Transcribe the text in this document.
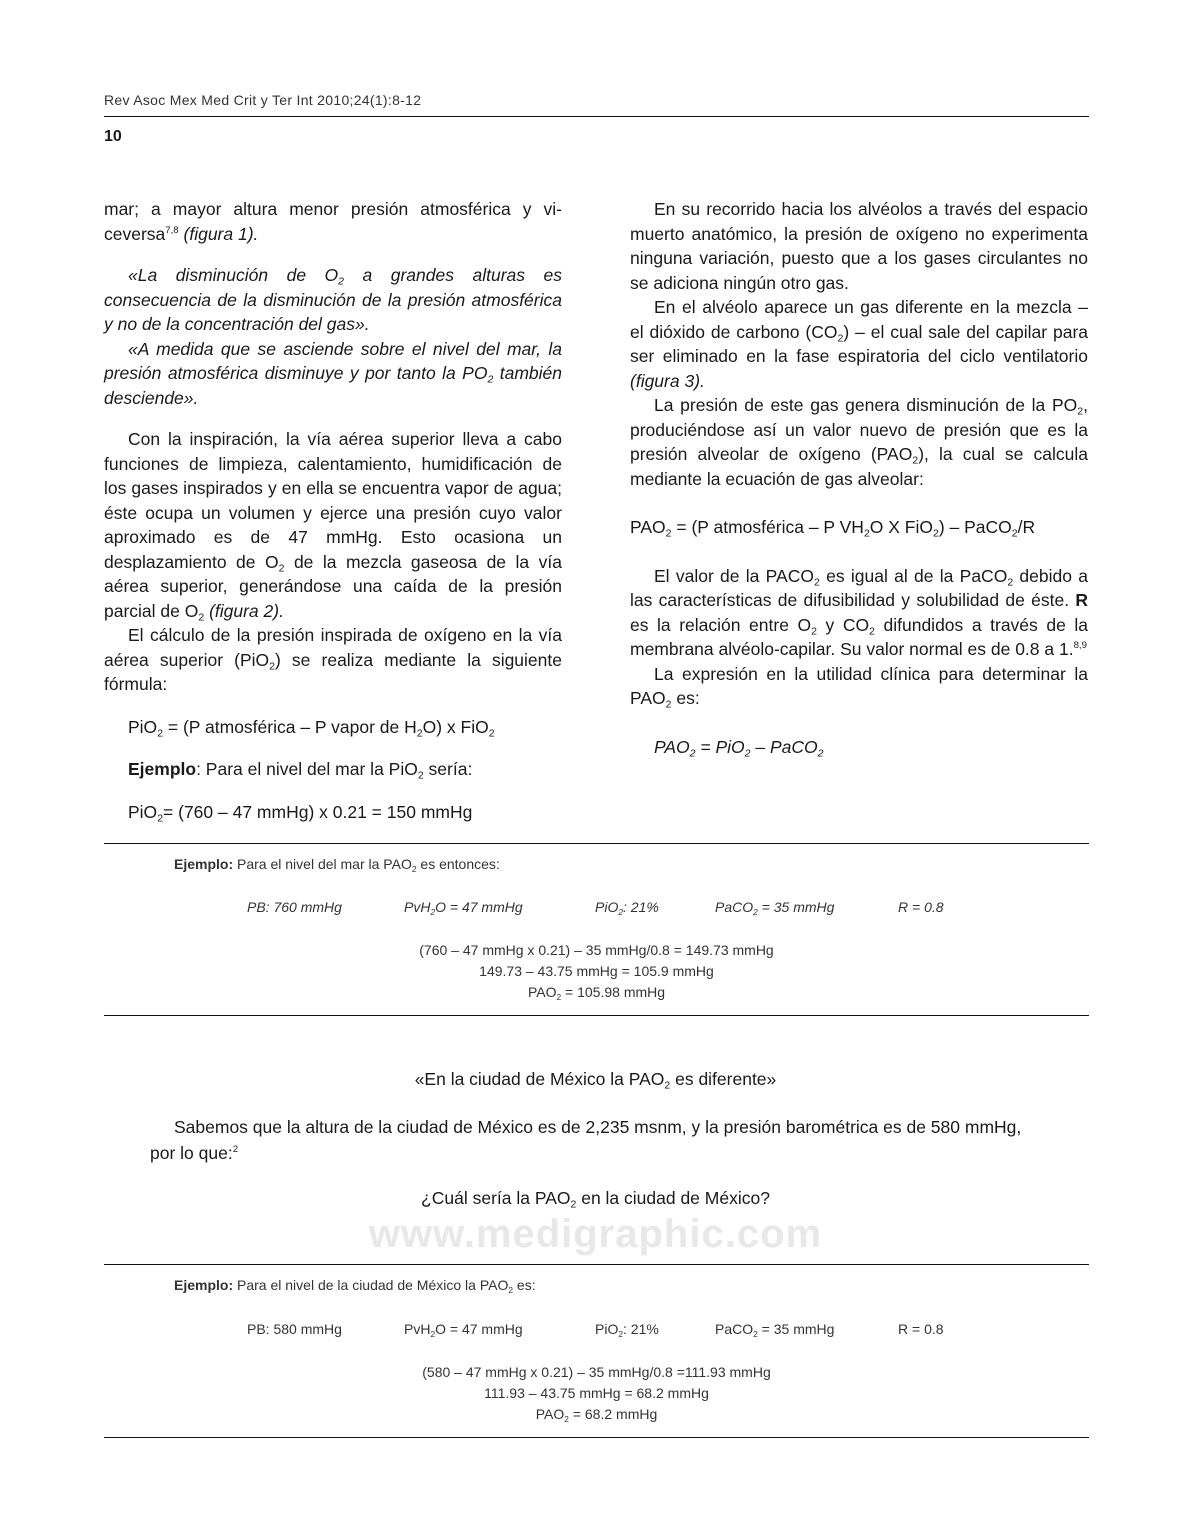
Rev Asoc Mex Med Crit y Ter Int 2010;24(1):8-12
10

mar; a mayor altura menor presión atmosférica y vi- ceversa$^{7,8}$ (figura 1).

«La disminución de $O_2$ a grandes alturas es consecuencia de la disminución de la presión atmosférica y no de la concentración del gas».

«A medida que se asciende sobre el nivel del mar, la presión atmosférica disminuye y por tanto la $PO_2$ también desciende».

Con la inspiración, la vía aérea superior lleva a cabo funciones de limpieza, calentamiento, humidificación de los gases inspirados y en ella se encuentra vapor de agua; éste ocupa un volumen y ejerce una presión cuyo valor aproximado es de 47 mmHg. Esto ocasiona un desplazamiento de $O_2$ de la mezcla gaseosa de la vía aérea superior, generándose una caída de la presión parcial de $O_2$ (figura 2).

El cálculo de la presión inspirada de oxígeno en la vía aérea superior (PiO$_2$) se realiza mediante la siguiente fórmula:

PiO$_2$ = (P atmosférica – P vapor de $H_2O$) x FiO$_2$

Ejemplo: Para el nivel del mar la PiO$_2$ sería:

PiO$_2$= (760 – 47 mmHg) x 0.21 = 150 mmHg

En su recorrido hacia los alvéolos a través del espacio muerto anatómico, la presión de oxígeno no experimenta ninguna variación, puesto que a los gases circulantes no se adiciona ningún otro gas.

En el alvéolo aparece un gas diferente en la mezcla – el dióxido de carbono $(CO_2)$ – el cual sale del capilar para ser eliminado en la fase espiratoria del ciclo ventilatorio (figura 3).

La presión de este gas genera disminución de la $PO_2$, produciéndose así un valor nuevo de presión que es la presión alveolar de oxígeno $(PAO_2)$, la cual se calcula mediante la ecuación de gas alveolar:

$PAO_2 = (P$ atmosférica – P $VH_2O$ X FiO$_2$) – PaCO$_2$/R

El valor de la $PACO_2$ es igual al de la PaCO$_2$ debido a las características de difusibilidad y solubilidad de éste. R es la relación entre $O_2$ y $CO_2$ difundidos a través de la membrana alvéolo-capilar. Su valor normal es de 0.8 a 1.$^{8,9}$

La expresión en la utilidad clínica para determinar la $PAO_2$ es:

$PAO_2 = PiO_2$ – PaCO$_2$

Ejemplo: Para el nivel del mar la $PAO_2$ es entonces:
PB: 760 mmHg	PvH$_2$O = 47 mmHg	PiO$_2$: 21%	PaCO$_2$ = 35 mmHg	R = 0.8
(760 – 47 mmHg x 0.21) – 35 mmHg/0.8 = 149.73 mmHg
149.73 – 43.75 mmHg = 105.9 mmHg
$PAO_2 = 105.98$ mmHg
«En la ciudad de México la $PAO_2$ es diferente»
Sabemos que la altura de la ciudad de México es de 2,235 msnm, y la presión barométrica es de 580 mmHg, por lo que:$^2$
¿Cuál sería la $PAO_2$ en la ciudad de México?
www.medigraphic.com
Ejemplo: Para el nivel de la ciudad de México la $PAO_2$ es:
PB: 580 mmHg	PvH$_2$O = 47 mmHg	PiO$_2$: 21%	PaCO$_2$ = 35 mmHg	R = 0.8
(580 – 47 mmHg x 0.21) – 35 mmHg/0.8 =111.93 mmHg
111.93 – 43.75 mmHg = 68.2 mmHg
$PAO_2 = 68.2$ mmHg
